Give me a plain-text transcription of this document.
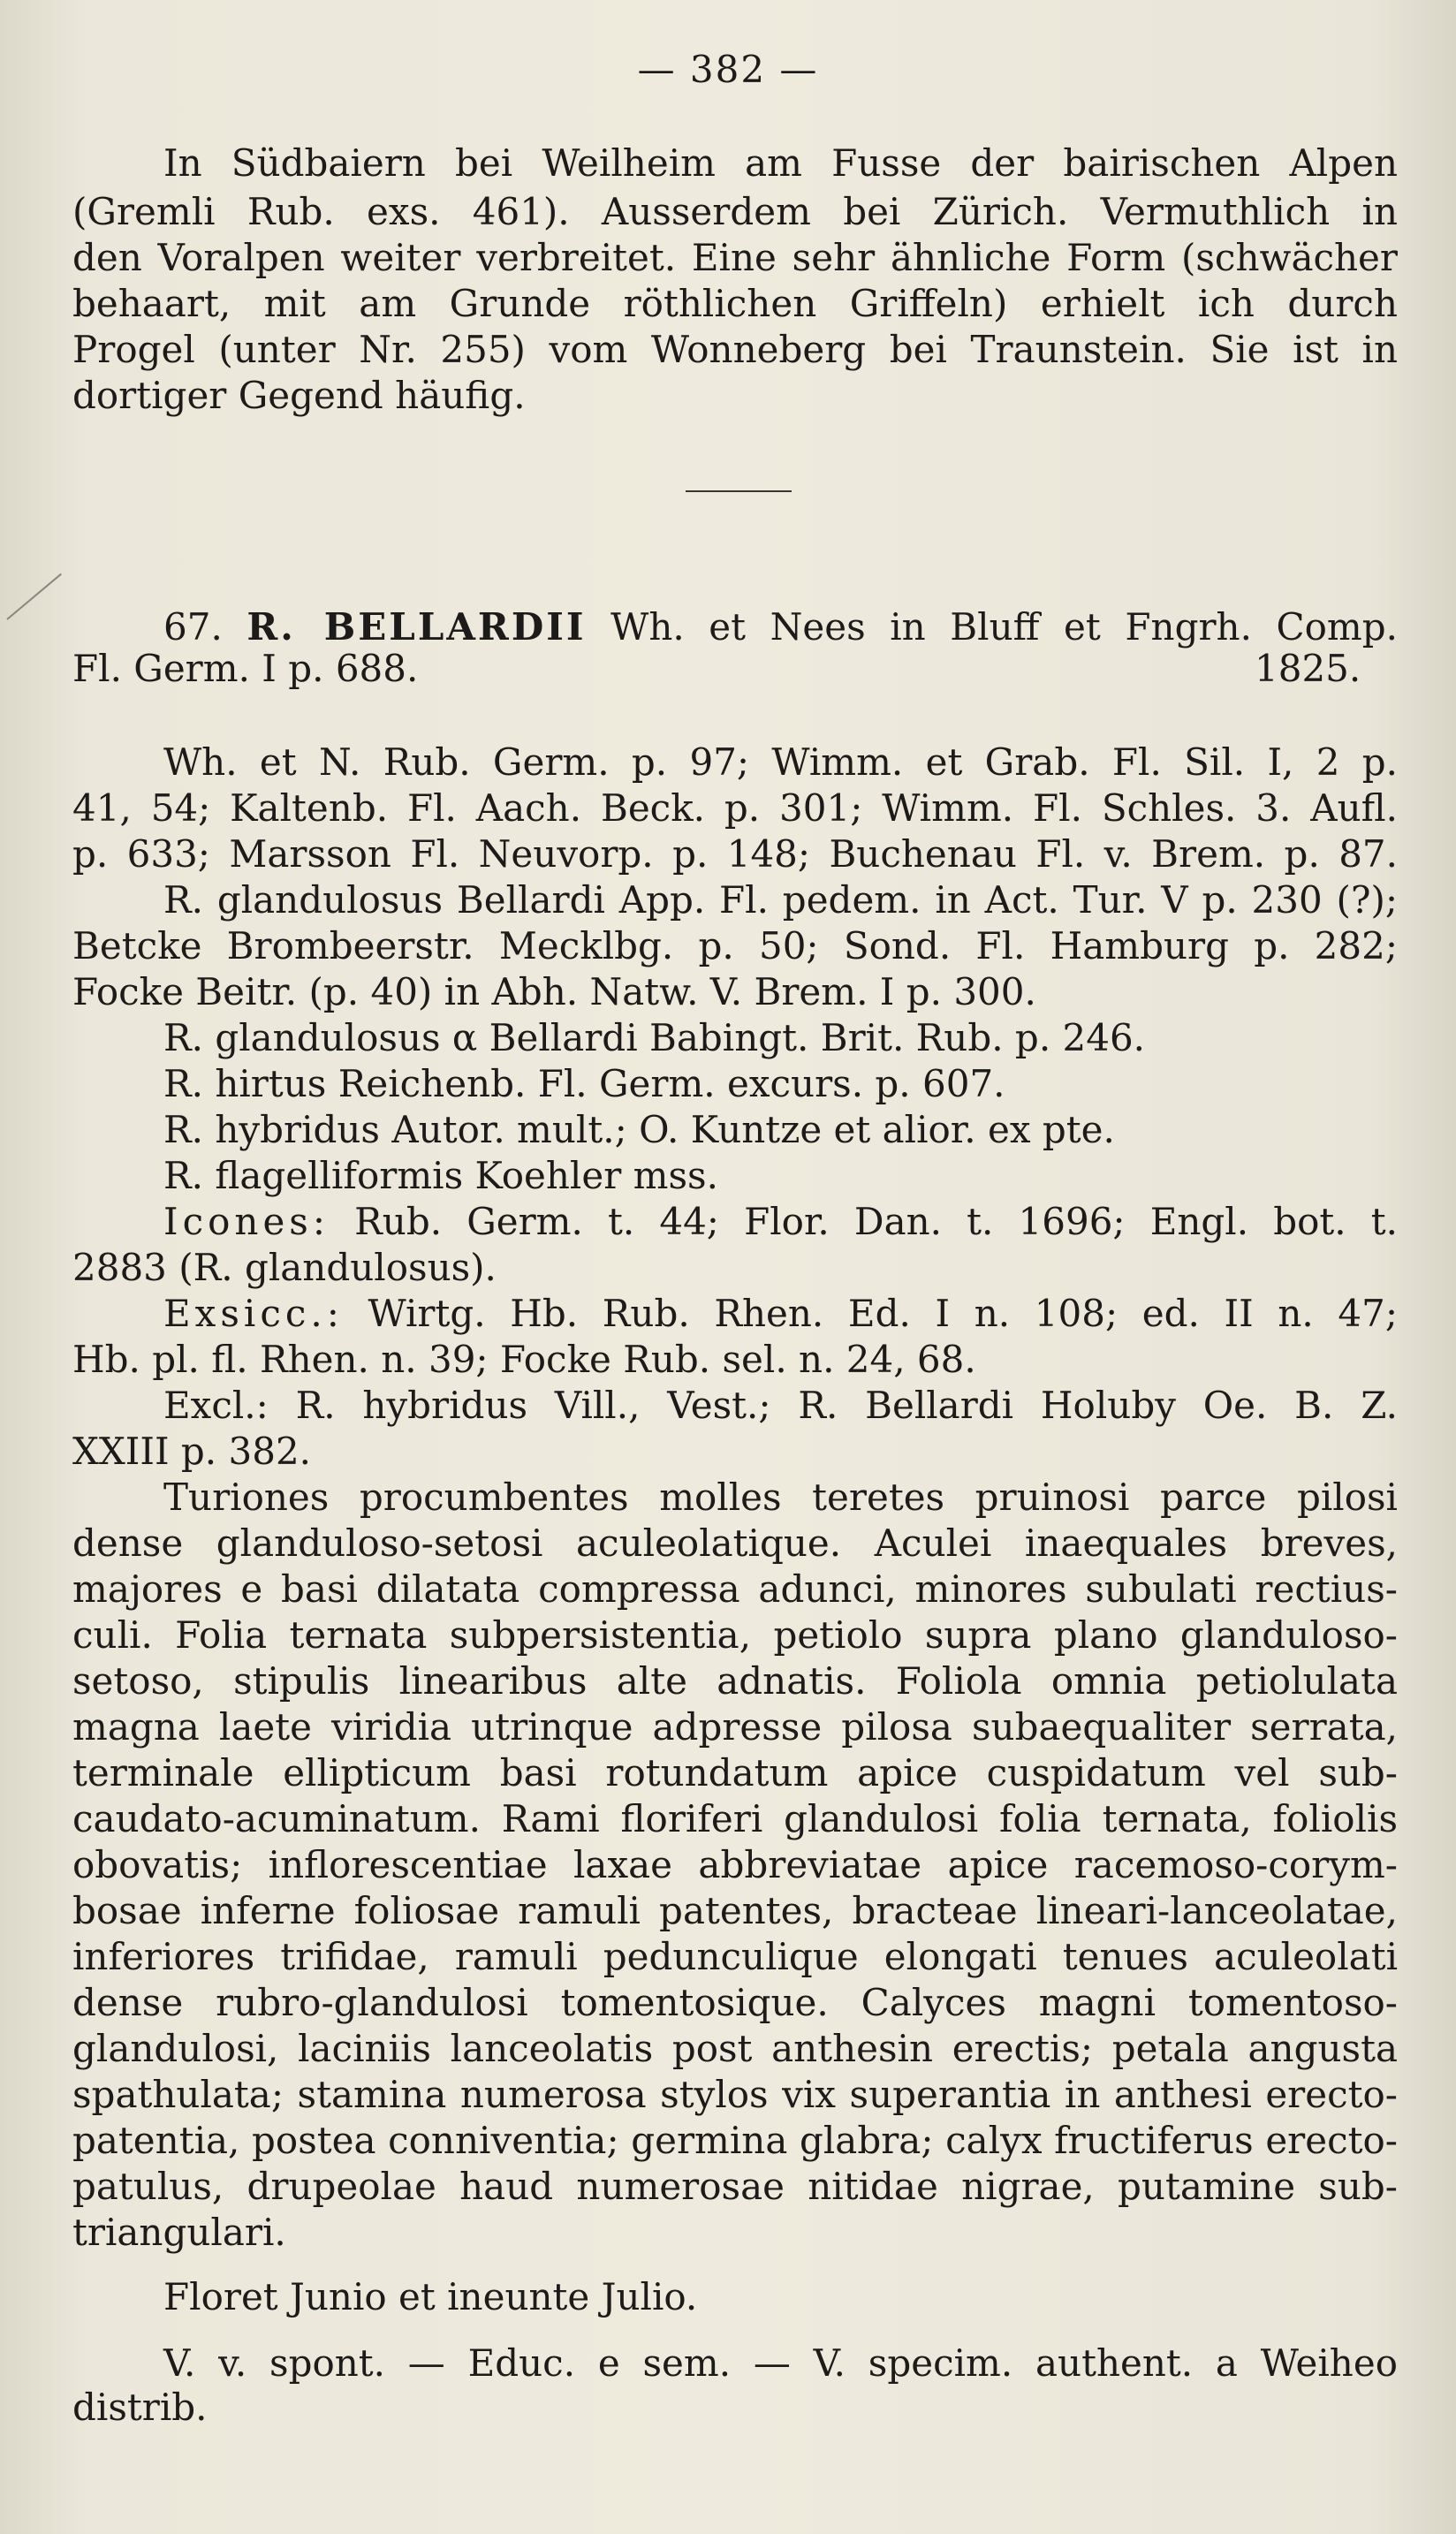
— 382 —
In Südbaiern bei Weilheim am Fusse der bairischen Alpen
(Gremli Rub. exs. 461). Ausserdem bei Zürich. Vermuthlich in
den Voralpen weiter verbreitet. Eine sehr ähnliche Form (schwächer
behaart, mit am Grunde röthlichen Griffeln) erhielt ich durch
Progel (unter Nr. 255) vom Wonneberg bei Traunstein. Sie ist in
dortiger Gegend häufig.
67. R. BELLARDII Wh. et Nees in Bluff et Fngrh. Comp.
Fl. Germ. I p. 688.	1825.
Wh. et N. Rub. Germ. p. 97; Wimm. et Grab. Fl. Sil. I, 2 p.
41, 54; Kaltenb. Fl. Aach. Beck. p. 301; Wimm. Fl. Schles. 3. Aufl.
p. 633; Marsson Fl. Neuvorp. p. 148; Buchenau Fl. v. Brem. p. 87.
R. glandulosus Bellardi App. Fl. pedem. in Act. Tur. V p. 230 (?);
Betcke Brombeerstr. Mecklbg. p. 50; Sond. Fl. Hamburg p. 282;
Focke Beitr. (p. 40) in Abh. Natw. V. Brem. I p. 300.
R. glandulosus α Bellardi Babingt. Brit. Rub. p. 246.
R. hirtus Reichenb. Fl. Germ. excurs. p. 607.
R. hybridus Autor. mult.; O. Kuntze et alior. ex pte.
R. flagelliformis Koehler mss.
Icones: Rub. Germ. t. 44; Flor. Dan. t. 1696; Engl. bot. t.
2883 (R. glandulosus).
Exsicc.: Wirtg. Hb. Rub. Rhen. Ed. I n. 108; ed. II n. 47;
Hb. pl. fl. Rhen. n. 39; Focke Rub. sel. n. 24, 68.
Excl.: R. hybridus Vill., Vest.; R. Bellardi Holuby Oe. B. Z.
XXIII p. 382.
Turiones procumbentes molles teretes pruinosi parce pilosi
dense glanduloso-setosi aculeolatique. Aculei inaequales breves,
majores e basi dilatata compressa adunci, minores subulati rectius-
culi. Folia ternata subpersistentia, petiolo supra plano glanduloso-
setoso, stipulis linearibus alte adnatis. Foliola omnia petiolulata
magna laete viridia utrinque adpresse pilosa subaequaliter serrata,
terminale ellipticum basi rotundatum apice cuspidatum vel sub-
caudato-acuminatum. Rami floriferi glandulosi folia ternata, foliolis
obovatis; inflorescentiae laxae abbreviatae apice racemoso-corym-
bosae inferne foliosae ramuli patentes, bracteae lineari-lanceolatae,
inferiores trifidae, ramuli pedunculique elongati tenues aculeolati
dense rubro-glandulosi tomentosique. Calyces magni tomentoso-
glandulosi, laciniis lanceolatis post anthesin erectis; petala angusta
spathulata; stamina numerosa stylos vix superantia in anthesi erecto-
patentia, postea conniventia; germina glabra; calyx fructiferus erecto-
patulus, drupeolae haud numerosae nitidae nigrae, putamine sub-
triangulari.
Floret Junio et ineunte Julio.
V. v. spont. — Educ. e sem. — V. specim. authent. a Weiheo
distrib.
